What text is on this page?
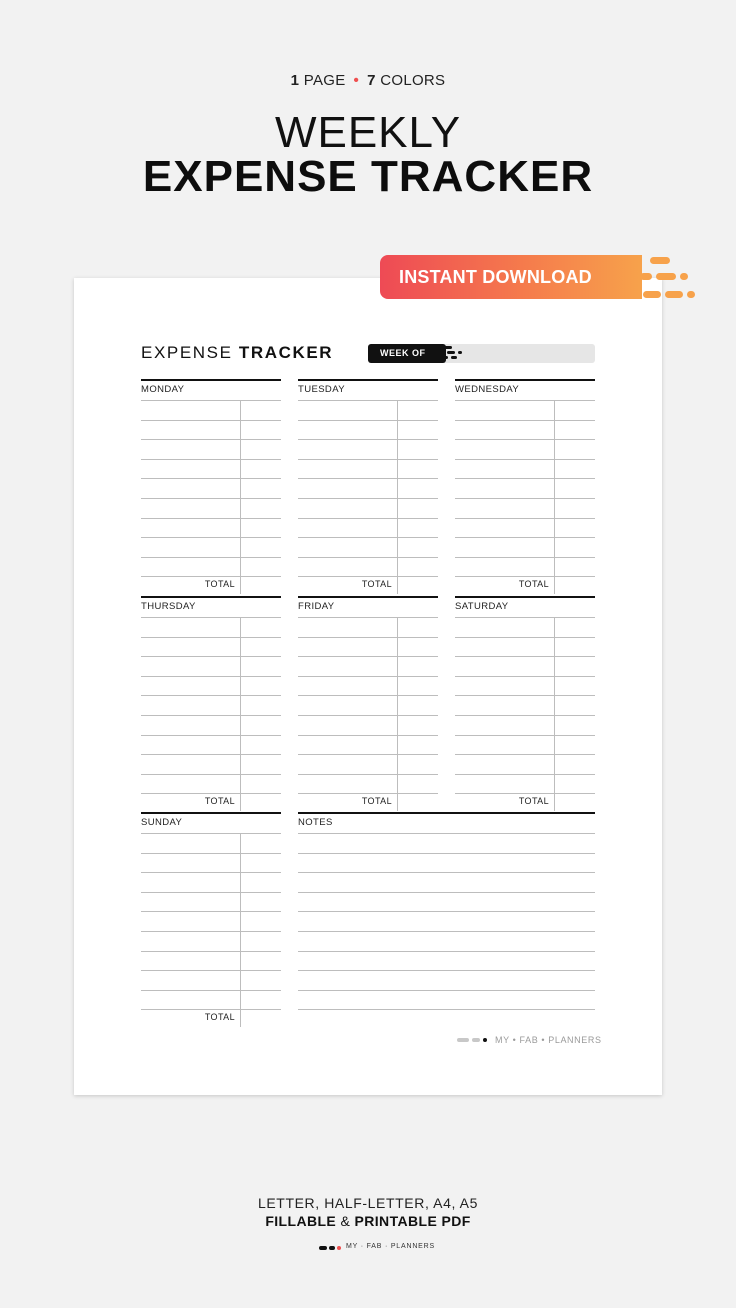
1 PAGE • 7 COLORS
WEEKLY
EXPENSE TRACKER
INSTANT DOWNLOAD
EXPENSE TRACKER	WEEK OF
MONDAY
TOTAL
TUESDAY
TOTAL
WEDNESDAY
TOTAL
THURSDAY
TOTAL
FRIDAY
TOTAL
SATURDAY
TOTAL
SUNDAY
TOTAL
NOTES
MY • FAB • PLANNERS
LETTER, HALF-LETTER, A4, A5
FILLABLE & PRINTABLE PDF
MY · FAB · PLANNERS
